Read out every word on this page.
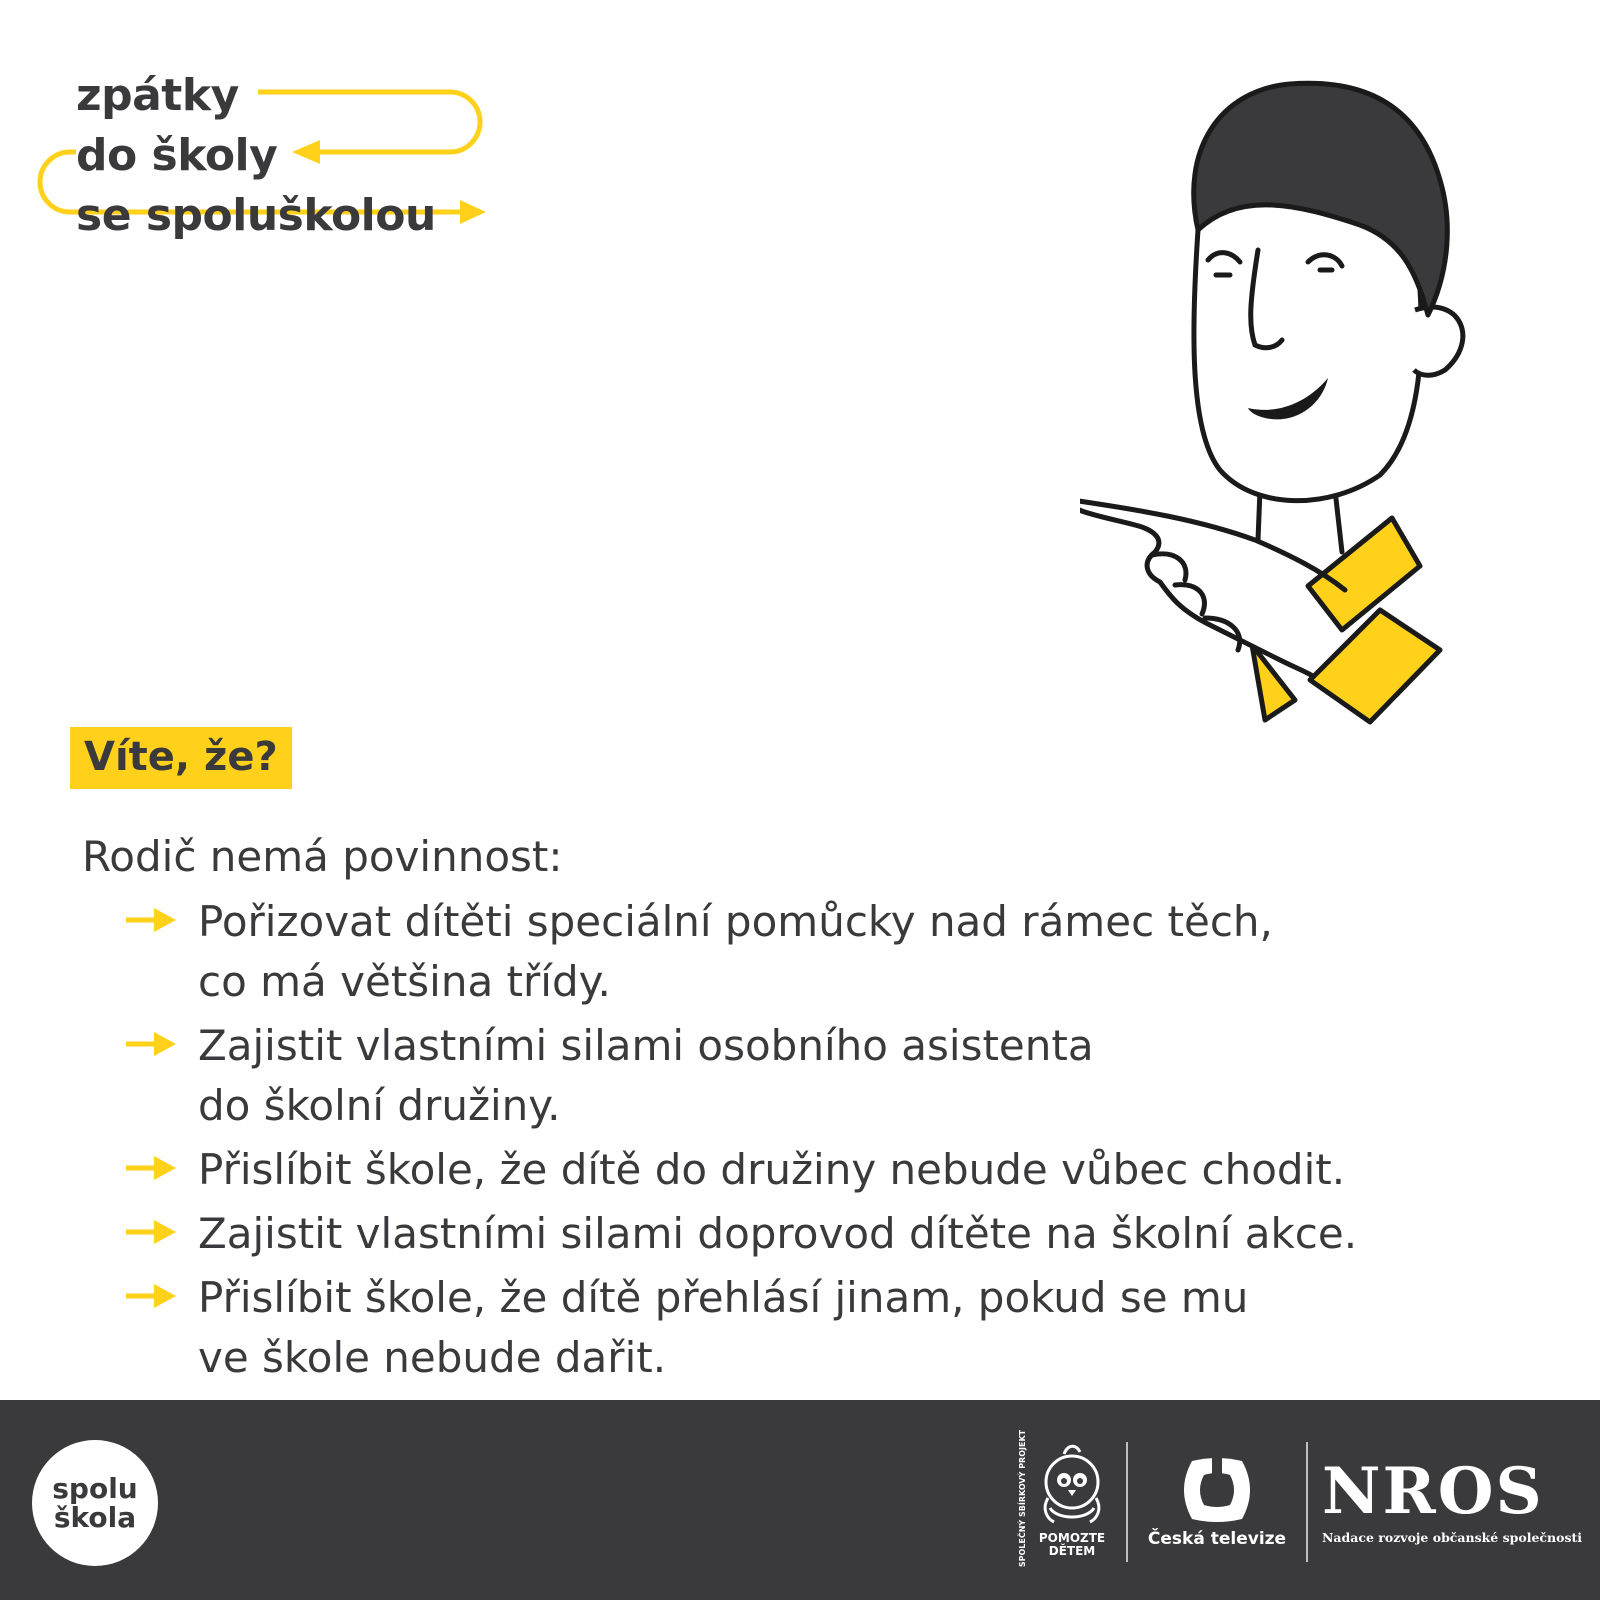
zpátky
do školy
se spoluškolou
Víte, že?
Rodič nemá povinnost:
Pořizovat dítěti speciální pomůcky nad rámec těch,
co má většina třídy.
Zajistit vlastními silami osobního asistenta
do školní družiny.
Přislíbit škole, že dítě do družiny nebude vůbec chodit.
Zajistit vlastními silami doprovod dítěte na školní akce.
Přislíbit škole, že dítě přehlásí jinam, pokud se mu
ve škole nebude dařit.
spolu
škola	SPOLEČNÝ SBÍRKOVÝ PROJEKT POMOZTE
DĚTEM
Česká televize
NROS
Nadace rozvoje občanské společnosti
